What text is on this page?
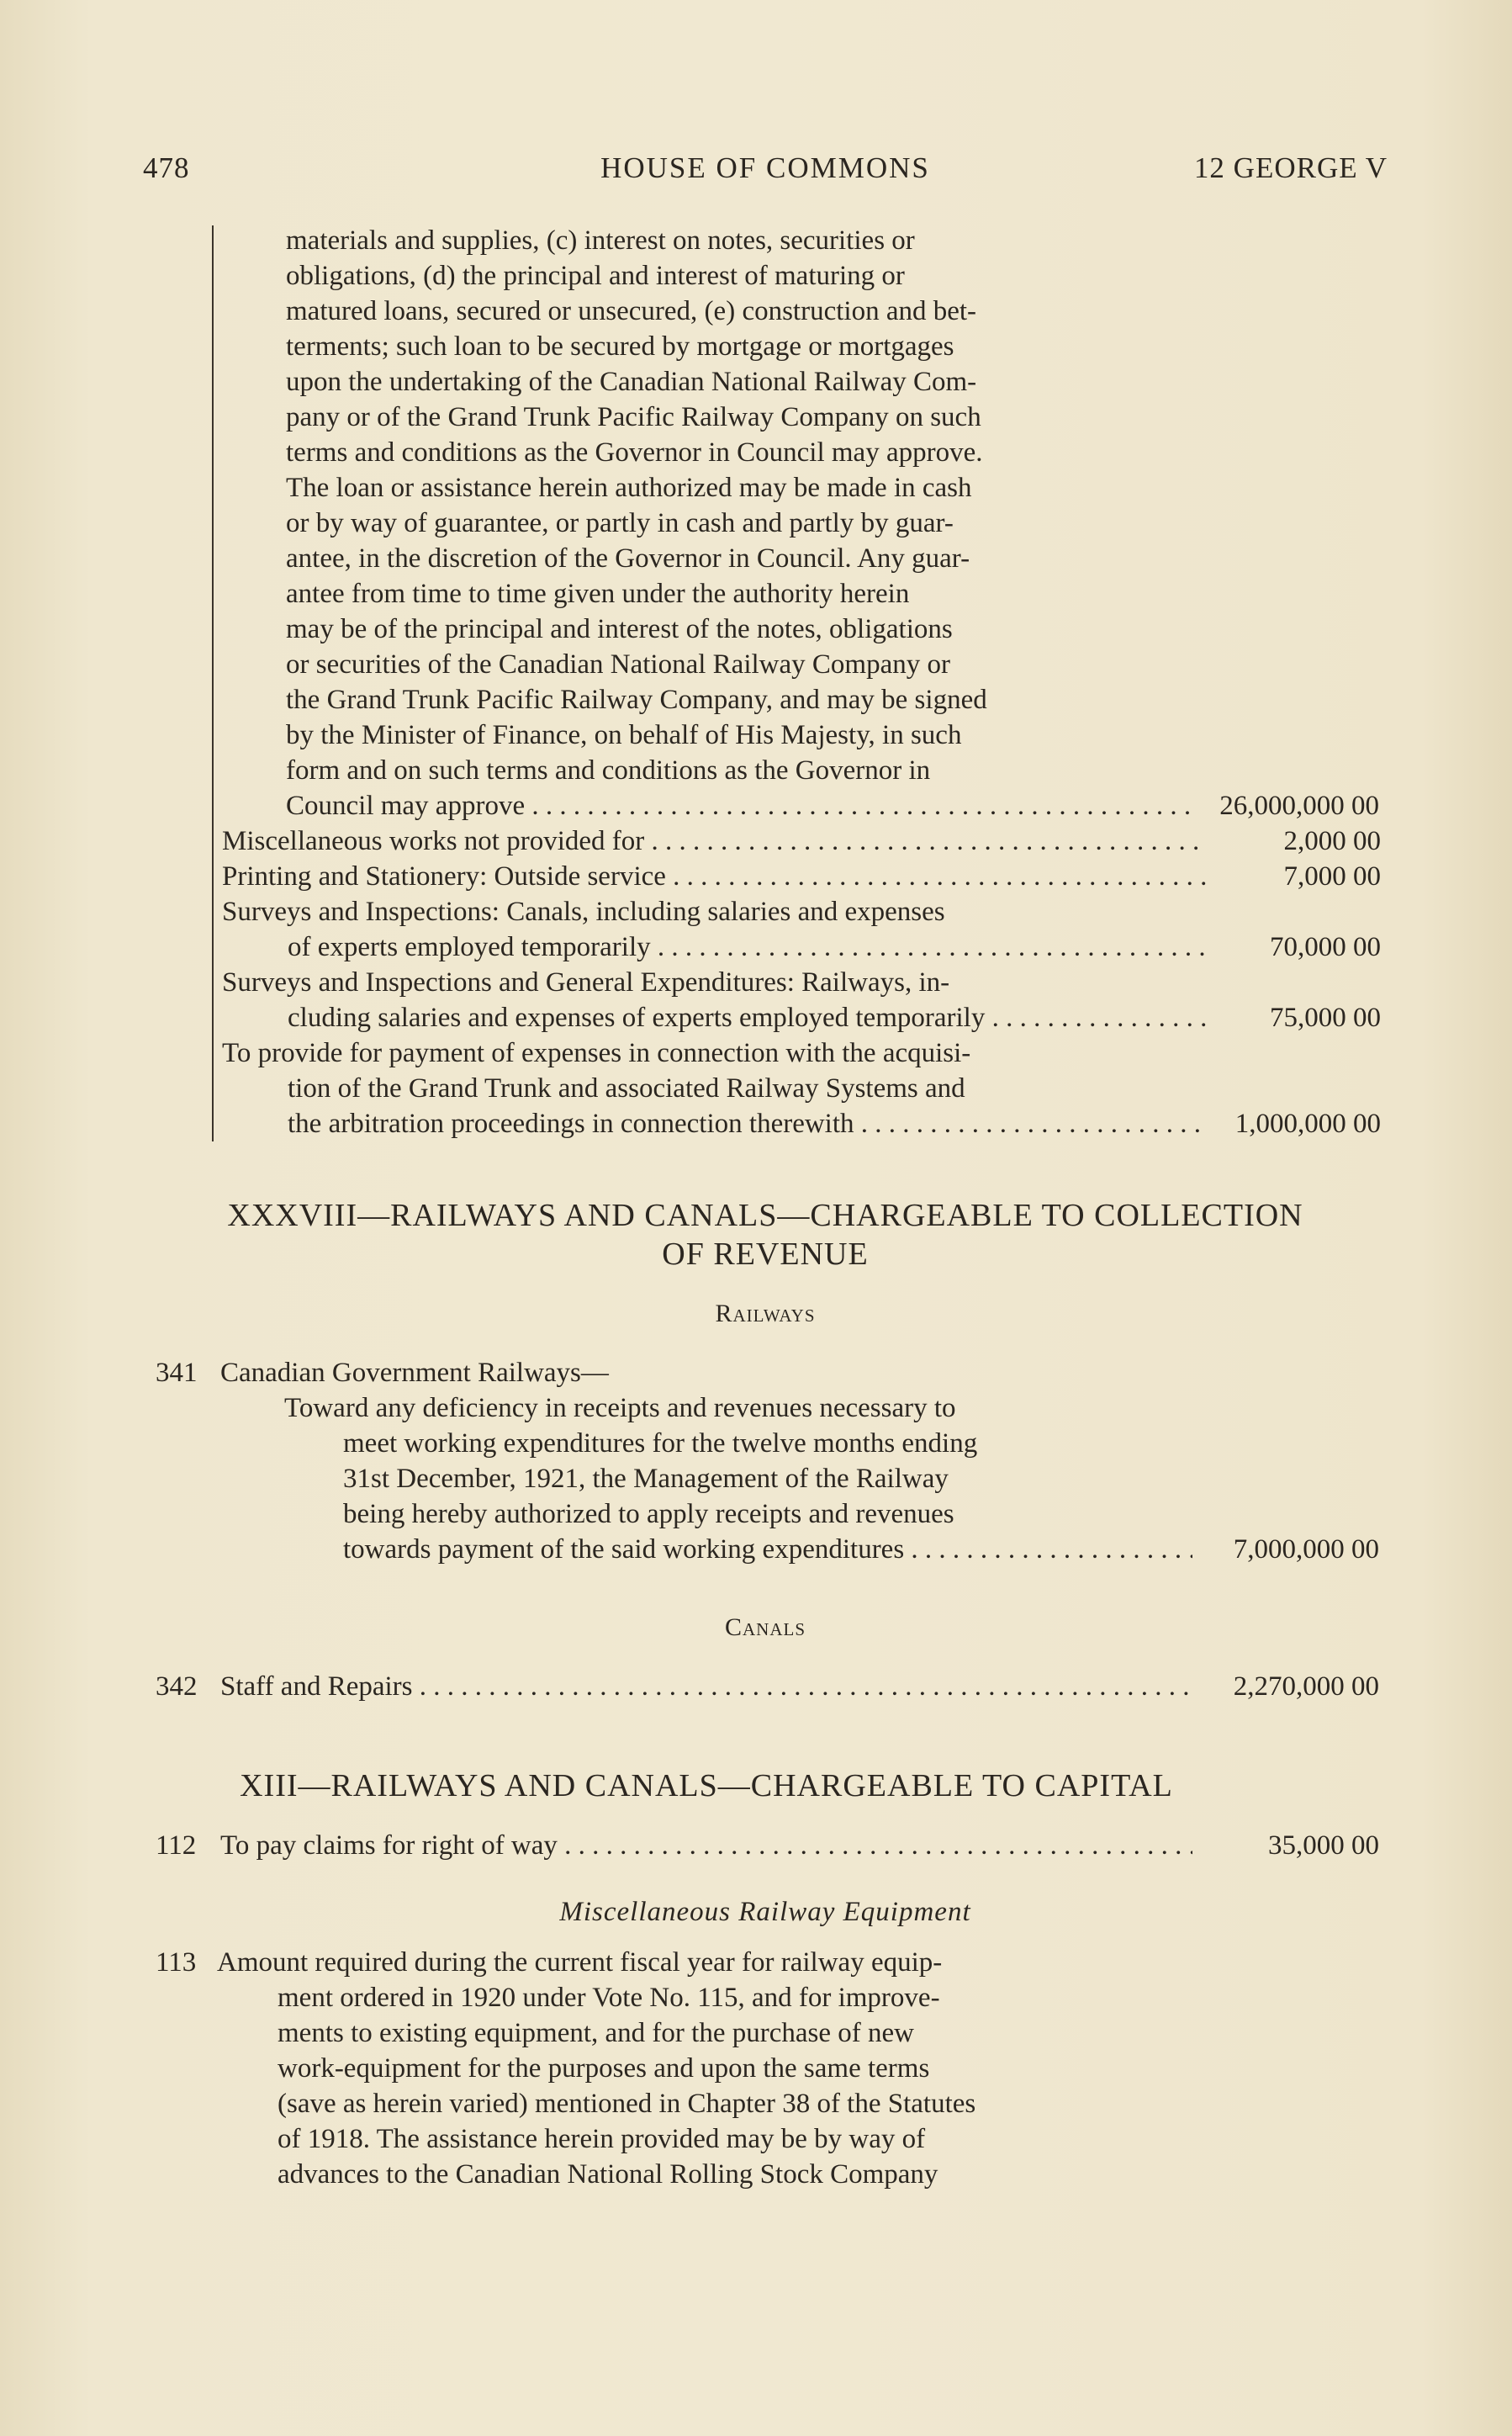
478	HOUSE OF COMMONS	12 GEORGE V
materials and supplies, (c) interest on notes, securities or
obligations, (d) the principal and interest of maturing or
matured loans, secured or unsecured, (e) construction and bet-
terments; such loan to be secured by mortgage or mortgages
upon the undertaking of the Canadian National Railway Com-
pany or of the Grand Trunk Pacific Railway Company on such
terms and conditions as the Governor in Council may approve.
The loan or assistance herein authorized may be made in cash
or by way of guarantee, or partly in cash and partly by guar-
antee, in the discretion of the Governor in Council. Any guar-
antee from time to time given under the authority herein
may be of the principal and interest of the notes, obligations
or securities of the Canadian National Railway Company or
the Grand Trunk Pacific Railway Company, and may be signed
by the Minister of Finance, on behalf of His Majesty, in such
form and on such terms and conditions as the Governor in
Council may approve . . .	26,000,000 00
Miscellaneous works not provided for . . .	2,000 00
Printing and Stationery: Outside service . . .	7,000 00
Surveys and Inspections: Canals, including salaries and expenses
of experts employed temporarily . . .	70,000 00
Surveys and Inspections and General Expenditures: Railways, in-
cluding salaries and expenses of experts employed temporarily . . .	75,000 00
To provide for payment of expenses in connection with the acquisi-
tion of the Grand Trunk and associated Railway Systems and
the arbitration proceedings in connection therewith . . .	1,000,000 00
XXXVIII—RAILWAYS AND CANALS—CHARGEABLE TO COLLECTION
OF REVENUE
Railways
341 Canadian Government Railways—
Toward any deficiency in receipts and revenues necessary to
meet working expenditures for the twelve months ending
31st December, 1921, the Management of the Railway
being hereby authorized to apply receipts and revenues
towards payment of the said working expenditures . . .	7,000,000 00
Canals
342 Staff and Repairs . . .	2,270,000 00
XIII—RAILWAYS AND CANALS—CHARGEABLE TO CAPITAL
112 To pay claims for right of way . . .	35,000 00
Miscellaneous Railway Equipment
113 Amount required during the current fiscal year for railway equip-
ment ordered in 1920 under Vote No. 115, and for improve-
ments to existing equipment, and for the purchase of new
work-equipment for the purposes and upon the same terms
(save as herein varied) mentioned in Chapter 38 of the Statutes
of 1918. The assistance herein provided may be by way of
advances to the Canadian National Rolling Stock Company
